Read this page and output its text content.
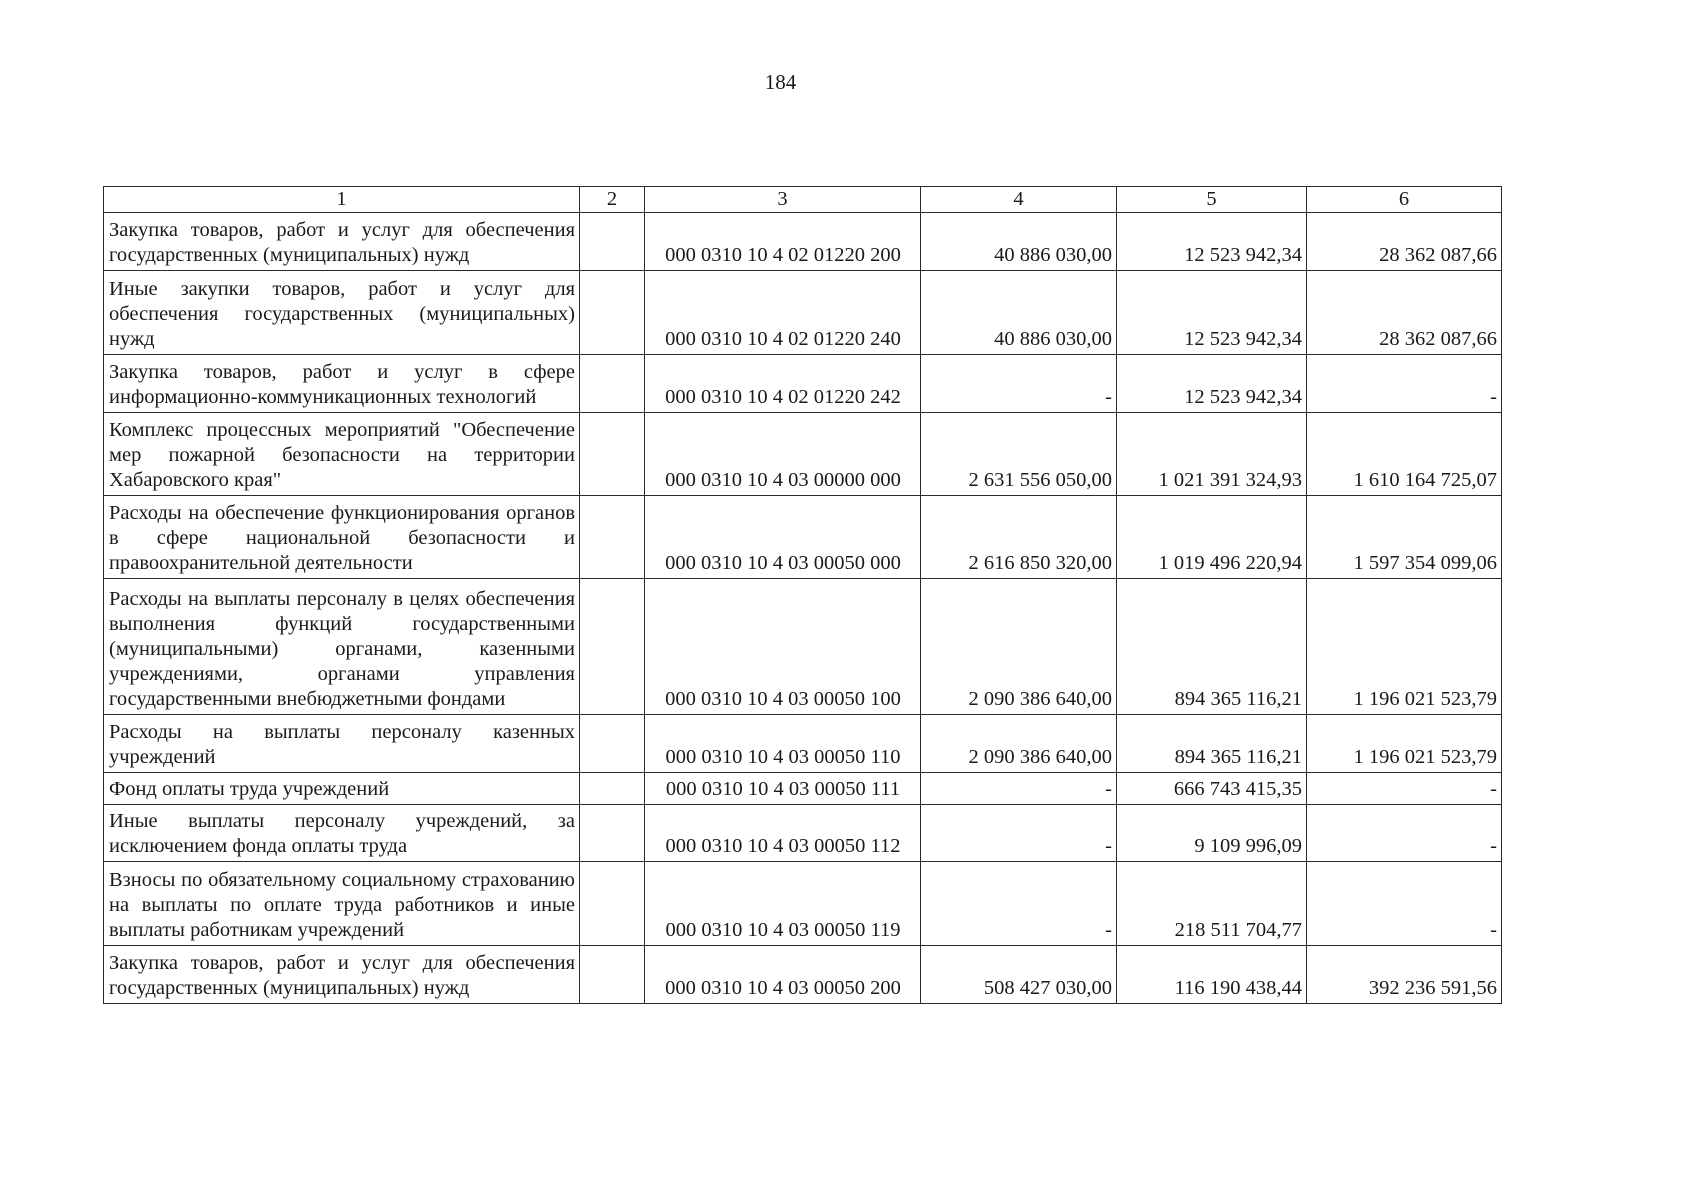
184
1	2	3	4	5	6
Закупка товаров, работ и услуг для обеспечения государственных (муниципальных) нужд		000 0310 10 4 02 01220 200	40 886 030,00	12 523 942,34	28 362 087,66
Иные закупки товаров, работ и услуг для обеспечения государственных (муниципальных) нужд		000 0310 10 4 02 01220 240	40 886 030,00	12 523 942,34	28 362 087,66
Закупка товаров, работ и услуг в сфере информационно-коммуникационных технологий		000 0310 10 4 02 01220 242	-	12 523 942,34	-
Комплекс процессных мероприятий "Обеспечение мер пожарной безопасности на территории Хабаровского края"		000 0310 10 4 03 00000 000	2 631 556 050,00	1 021 391 324,93	1 610 164 725,07
Расходы на обеспечение функционирования органов в сфере национальной безопасности и правоохранительной деятельности		000 0310 10 4 03 00050 000	2 616 850 320,00	1 019 496 220,94	1 597 354 099,06
Расходы на выплаты персоналу в целях обеспечения выполнения функций государственными (муниципальными) органами, казенными учреждениями, органами управления государственными внебюджетными фондами		000 0310 10 4 03 00050 100	2 090 386 640,00	894 365 116,21	1 196 021 523,79
Расходы на выплаты персоналу казенных учреждений		000 0310 10 4 03 00050 110	2 090 386 640,00	894 365 116,21	1 196 021 523,79
Фонд оплаты труда учреждений		000 0310 10 4 03 00050 111	-	666 743 415,35	-
Иные выплаты персоналу учреждений, за исключением фонда оплаты труда		000 0310 10 4 03 00050 112	-	9 109 996,09	-
Взносы по обязательному социальному страхованию на выплаты по оплате труда работников и иные выплаты работникам учреждений		000 0310 10 4 03 00050 119	-	218 511 704,77	-
Закупка товаров, работ и услуг для обеспечения государственных (муниципальных) нужд		000 0310 10 4 03 00050 200	508 427 030,00	116 190 438,44	392 236 591,56
